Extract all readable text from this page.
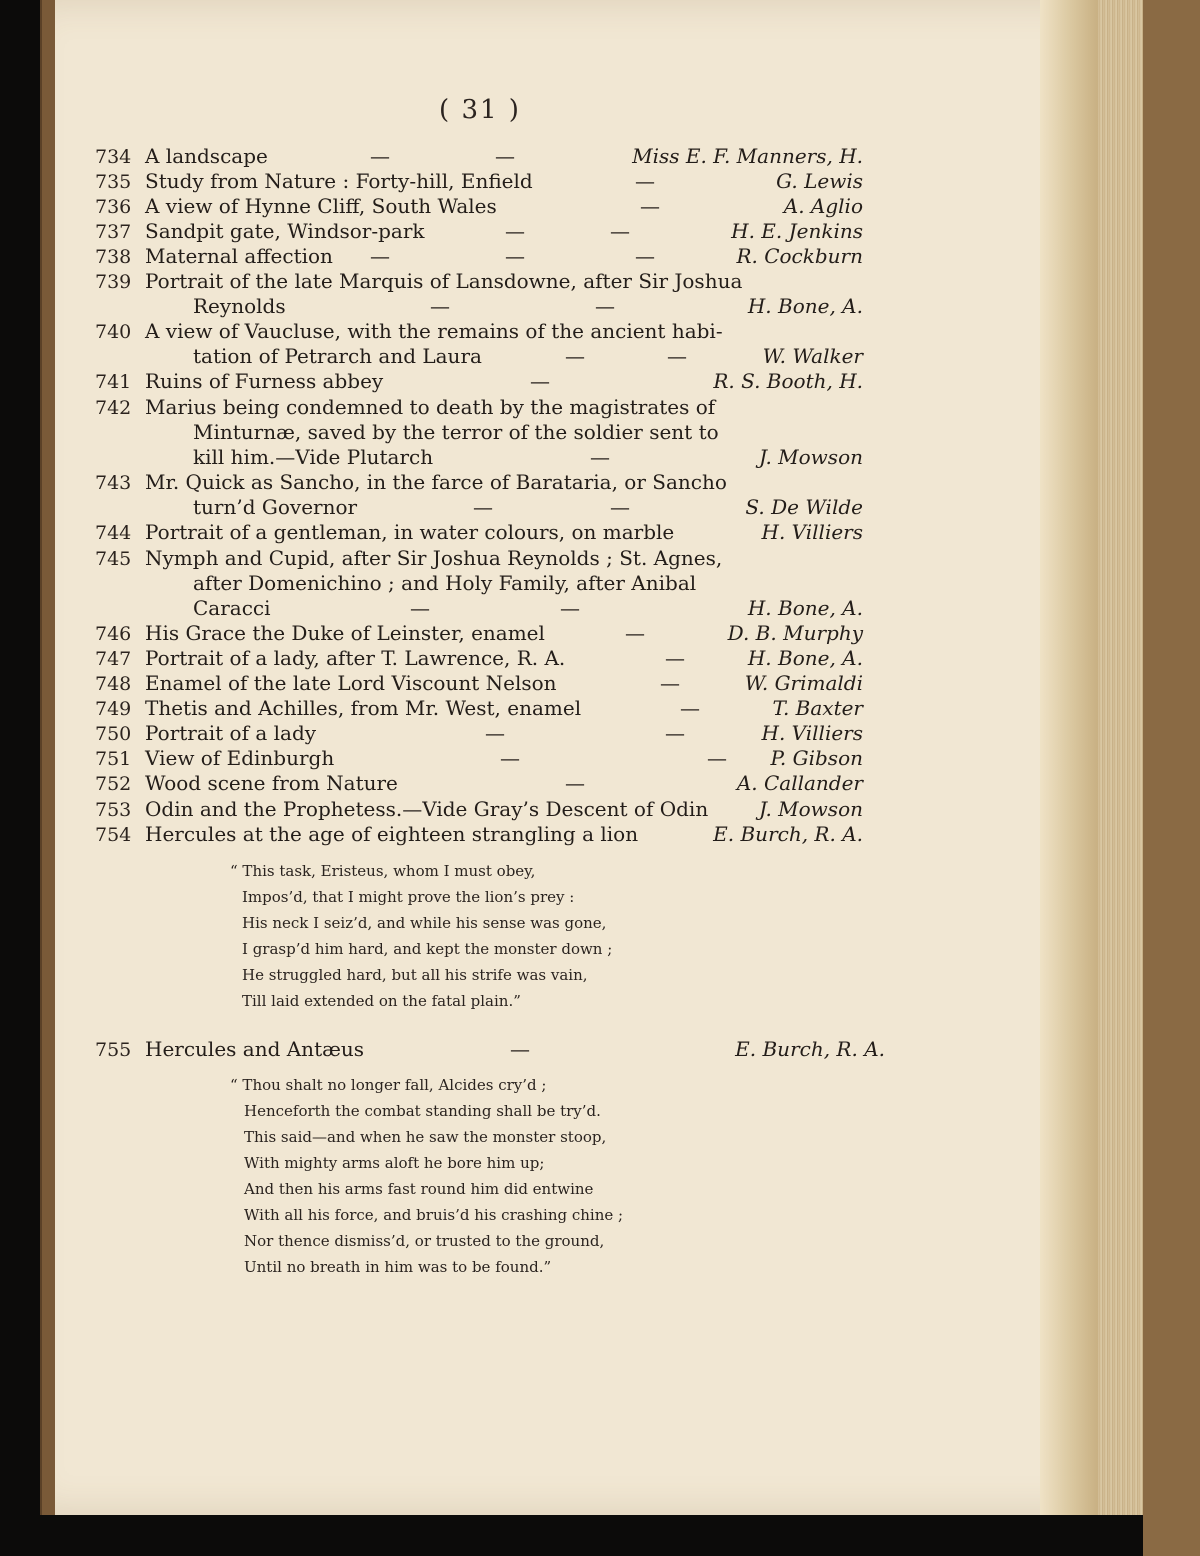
( 31 )
734 A landscape	—	—	Miss E. F. Manners, H.
735 Study from Nature : Forty-hill, Enfield	—	G. Lewis
736 A view of Hynne Cliff, South Wales	—	A. Aglio
737 Sandpit gate, Windsor-park	—	—	H. E. Jenkins
738 Maternal affection —	—	—	R. Cockburn
739 Portrait of the late Marquis of Lansdowne, after Sir Joshua
Reynolds	—	—	H. Bone, A.
740 A view of Vaucluse, with the remains of the ancient habi-
tation of Petrarch and Laura	—	—	W. Walker
741 Ruins of Furness abbey	—	R. S. Booth, H.
742 Marius being condemned to death by the magistrates of
Minturnæ, saved by the terror of the soldier sent to
kill him.—Vide Plutarch	—	J. Mowson
743 Mr. Quick as Sancho, in the farce of Barataria, or Sancho
turn’d Governor	—	—	S. De Wilde
744 Portrait of a gentleman, in water colours, on marble	H. Villiers
745 Nymph and Cupid, after Sir Joshua Reynolds ; St. Agnes,
after Domenichino ; and Holy Family, after Anibal
Caracci	—	—	H. Bone, A.
746 His Grace the Duke of Leinster, enamel	—	D. B. Murphy
747 Portrait of a lady, after T. Lawrence, R. A.	—	H. Bone, A.
748 Enamel of the late Lord Viscount Nelson	—	W. Grimaldi
749 Thetis and Achilles, from Mr. West, enamel	—	T. Baxter
750 Portrait of a lady	—	—	H. Villiers
751 View of Edinburgh	—	— P. Gibson
752 Wood scene from Nature	—	A. Callander
753 Odin and the Prophetess.—Vide Gray’s Descent of Odin	J. Mowson
754 Hercules at the age of eighteen strangling a lion	E. Burch, R. A.
“ This task, Eristeus, whom I must obey,
Impos’d, that I might prove the lion’s prey :
His neck I seiz’d, and while his sense was gone,
I grasp’d him hard, and kept the monster down ;
He struggled hard, but all his strife was vain,
Till laid extended on the fatal plain.”
755 Hercules and Antæus	—	E. Burch, R. A.
“ Thou shalt no longer fall, Alcides cry’d ;
Henceforth the combat standing shall be try’d.
This said—and when he saw the monster stoop,
With mighty arms aloft he bore him up;
And then his arms fast round him did entwine
With all his force, and bruis’d his crashing chine ;
Nor thence dismiss’d, or trusted to the ground,
Until no breath in him was to be found.”
